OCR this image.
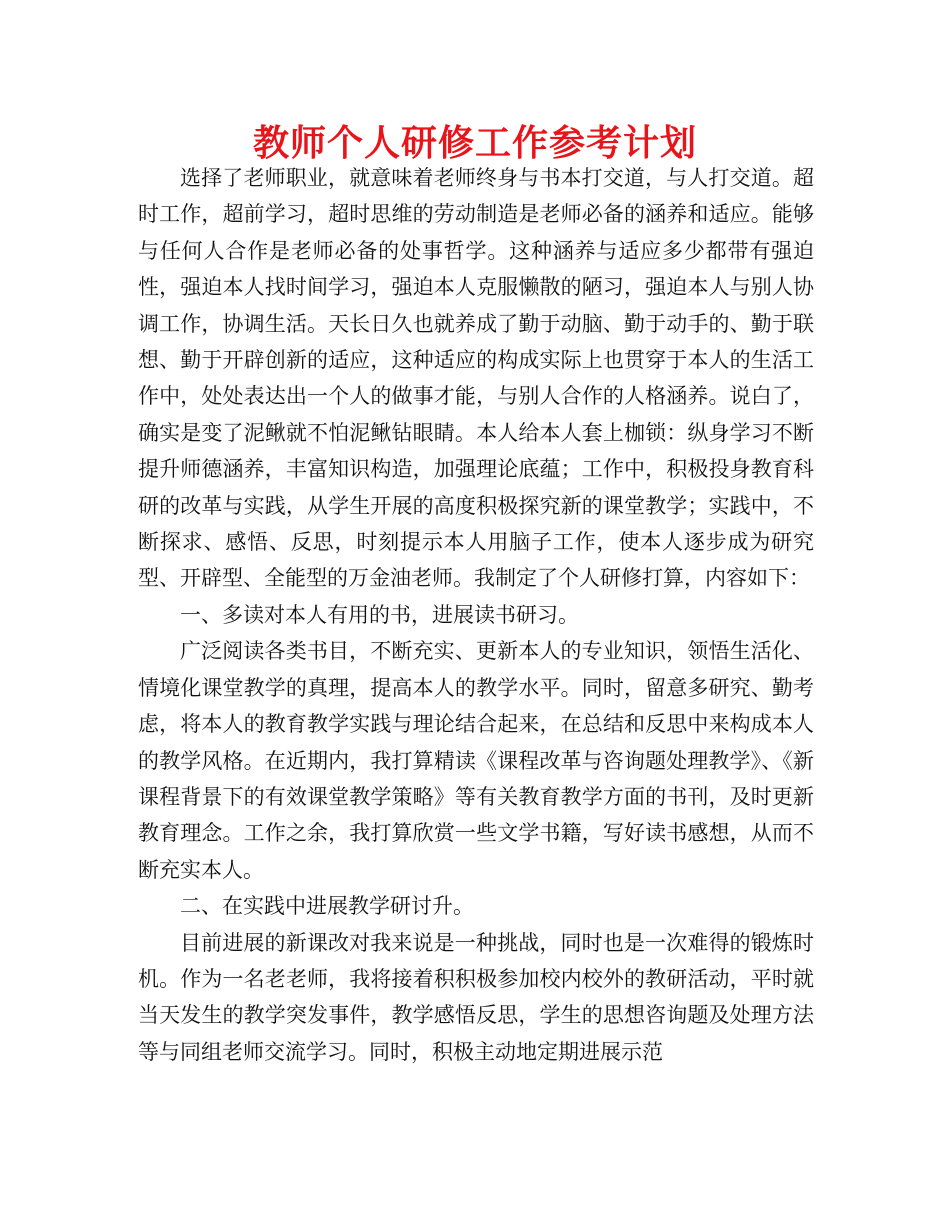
教师个人研修工作参考计划

选择了老师职业，就意味着老师终身与书本打交道，与人打交道。超时工作，超前学习，超时思维的劳动制造是老师必备的涵养和适应。能够与任何人合作是老师必备的处事哲学。这种涵养与适应多少都带有强迫性，强迫本人找时间学习，强迫本人克服懒散的陋习，强迫本人与别人协调工作，协调生活。天长日久也就养成了勤于动脑、勤于动手的、勤于联想、勤于开辟创新的适应，这种适应的构成实际上也贯穿于本人的生活工作中，处处表达出一个人的做事才能，与别人合作的人格涵养。说白了，确实是变了泥鳅就不怕泥鳅钻眼睛。本人给本人套上枷锁：纵身学习不断提升师德涵养，丰富知识构造，加强理论底蕴；工作中，积极投身教育科研的改革与实践，从学生开展的高度积极探究新的课堂教学；实践中，不断探求、感悟、反思，时刻提示本人用脑子工作，使本人逐步成为研究型、开辟型、全能型的万金油老师。我制定了个人研修打算，内容如下：

一、多读对本人有用的书，进展读书研习。

广泛阅读各类书目，不断充实、更新本人的专业知识，领悟生活化、情境化课堂教学的真理，提高本人的教学水平。同时，留意多研究、勤考虑，将本人的教育教学实践与理论结合起来，在总结和反思中来构成本人的教学风格。在近期内，我打算精读《课程改革与咨询题处理教学》、《新课程背景下的有效课堂教学策略》等有关教育教学方面的书刊，及时更新教育理念。工作之余，我打算欣赏一些文学书籍，写好读书感想，从而不断充实本人。

二、在实践中进展教学研讨升。

目前进展的新课改对我来说是一种挑战，同时也是一次难得的锻炼时机。作为一名老老师，我将接着积积极参加校内校外的教研活动，平时就当天发生的教学突发事件，教学感悟反思，学生的思想咨询题及处理方法等与同组老师交流学习。同时，积极主动地定期进展示范
